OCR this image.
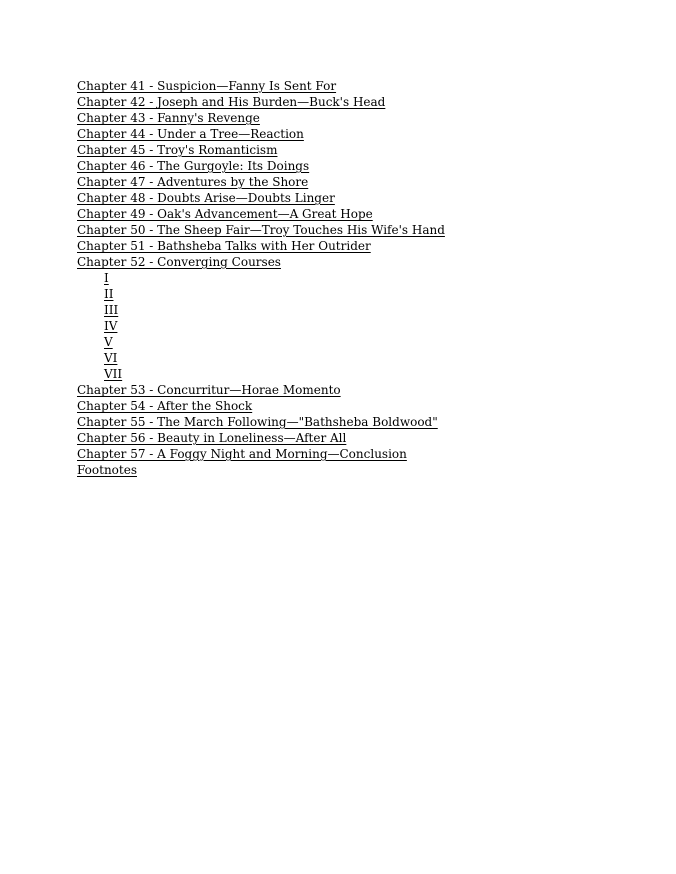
Chapter 41 - Suspicion—Fanny Is Sent For
Chapter 42 - Joseph and His Burden—Buck's Head
Chapter 43 - Fanny's Revenge
Chapter 44 - Under a Tree—Reaction
Chapter 45 - Troy's Romanticism
Chapter 46 - The Gurgoyle: Its Doings
Chapter 47 - Adventures by the Shore
Chapter 48 - Doubts Arise—Doubts Linger
Chapter 49 - Oak's Advancement—A Great Hope
Chapter 50 - The Sheep Fair—Troy Touches His Wife's Hand
Chapter 51 - Bathsheba Talks with Her Outrider
Chapter 52 - Converging Courses
I
II
III
IV
V
VI
VII
Chapter 53 - Concurritur—Horae Momento
Chapter 54 - After the Shock
Chapter 55 - The March Following—"Bathsheba Boldwood"
Chapter 56 - Beauty in Loneliness—After All
Chapter 57 - A Foggy Night and Morning—Conclusion
Footnotes
